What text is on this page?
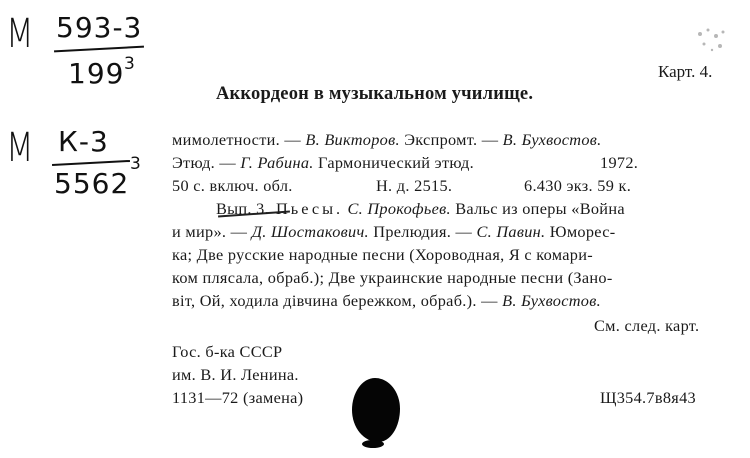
М 593-3
199 3
М К-3
5562
3
Карт. 4.
Аккордеон в музыкальном училище.
мимолетности. — В. Викторов. Экспромт. — В. Бухвостов.
Этюд. — Г. Рабина. Гармонический этюд.	1972.
50 с. включ. обл.	Н. д. 2515.	6.430 экз. 59 к.
Вып. 3. Пьесы. С. Прокофьев. Вальс из оперы «Война
и мир». — Д. Шостакович. Прелюдия. — С. Павин. Юморес-
ка; Две русские народные песни (Хороводная, Я с комари-
ком плясала, обраб.); Две украинские народные песни (Зано-
віт, Ой, ходила дівчина бережком, обраб.). — В. Бухвостов.
См. след. карт.
Гос. б-ка СССР
им. В. И. Ленина.
1131—72 (замена)	Щ354.7в8я43
